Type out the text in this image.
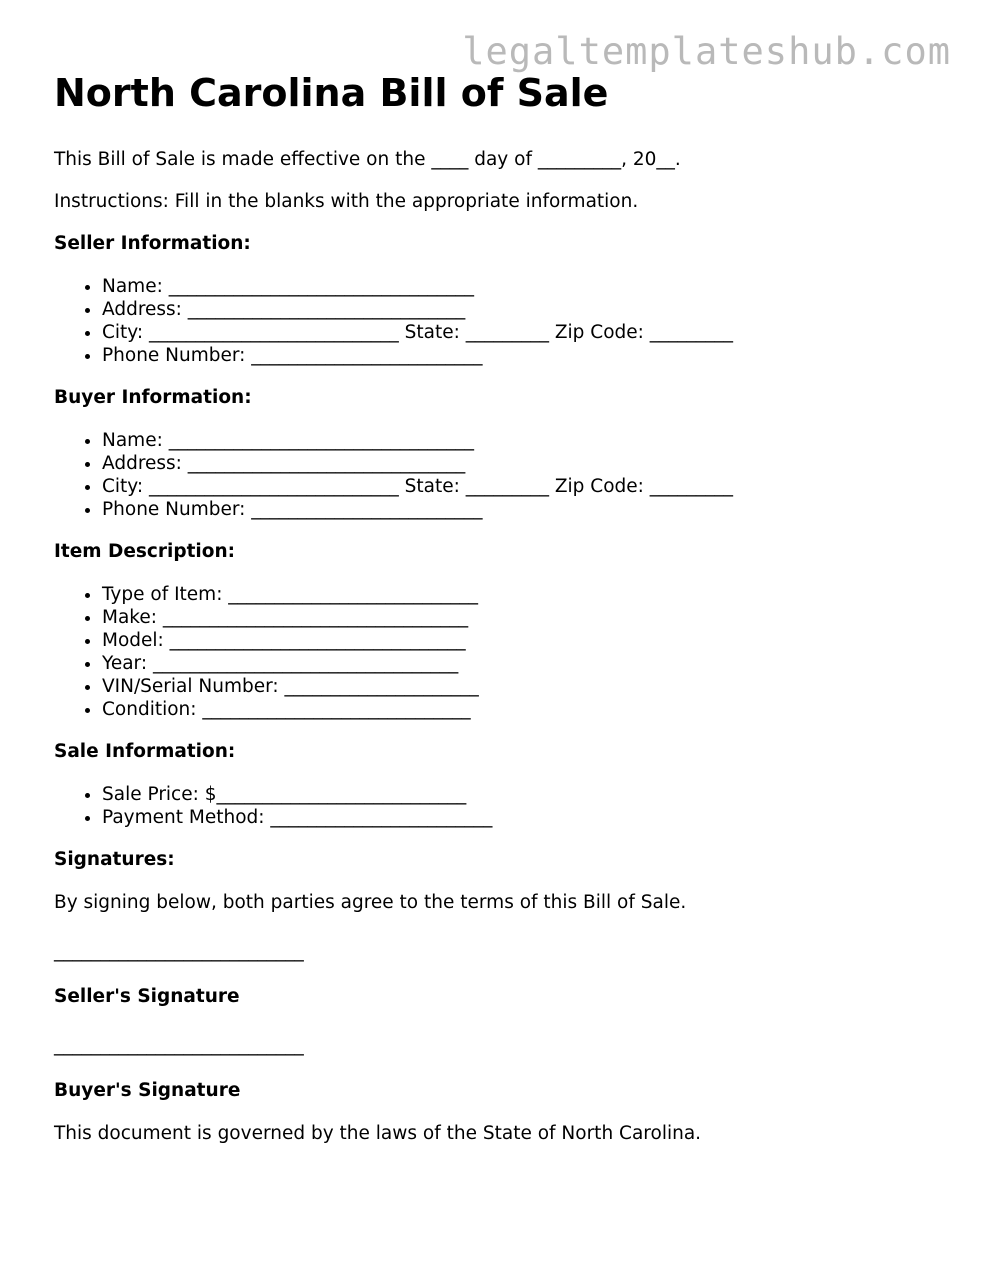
legaltemplateshub.com
North Carolina Bill of Sale

This Bill of Sale is made effective on the ____ day of _________, 20__.

Instructions: Fill in the blanks with the appropriate information.

Seller Information:
• Name: _________________________________
• Address: ______________________________
• City: ___________________________ State: _________ Zip Code: _________
• Phone Number: _________________________
Buyer Information:
• Name: _________________________________
• Address: ______________________________
• City: ___________________________ State: _________ Zip Code: _________
• Phone Number: _________________________
Item Description:
• Type of Item: ___________________________
• Make: _________________________________
• Model: ________________________________
• Year: _________________________________
• VIN/Serial Number: _____________________
• Condition: _____________________________
Sale Information:
• Sale Price: $___________________________
• Payment Method: ________________________
Signatures:

By signing below, both parties agree to the terms of this Bill of Sale.

___________________________
Seller's Signature
___________________________
Buyer's Signature

This document is governed by the laws of the State of North Carolina.
